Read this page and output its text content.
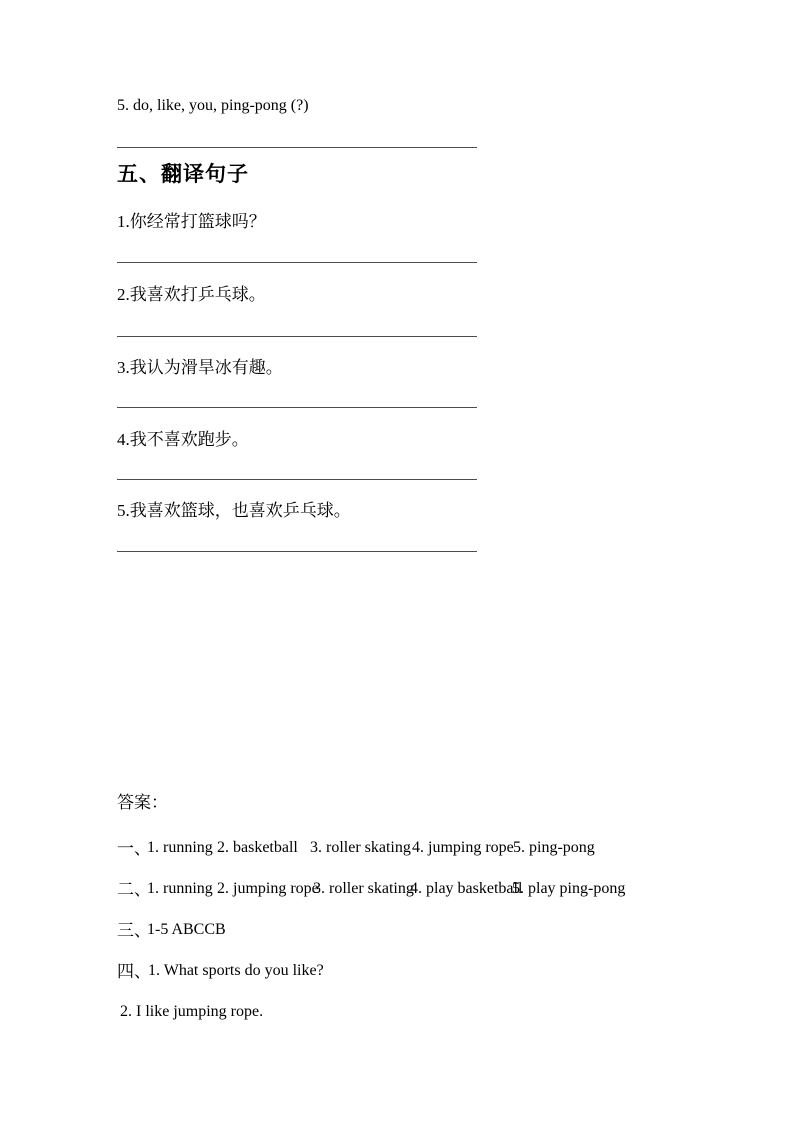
5. do, like, you, ping-pong (?)
五、翻译句子
1.你经常打篮球吗？
2.我喜欢打乒乓球。
3.我认为滑旱冰有趣。
4.我不喜欢跑步。
5.我喜欢篮球，也喜欢乒乓球。
答案：
一、
1. running 2. basketball 3. roller skating 4. jumping rope 5. ping-pong
二、
1. running 2. jumping rope
3. roller skating
4. play basketball
5. play ping-pong
三、
1-5 ABCCB
四、
1. What sports do you like?
2. I like jumping rope.
